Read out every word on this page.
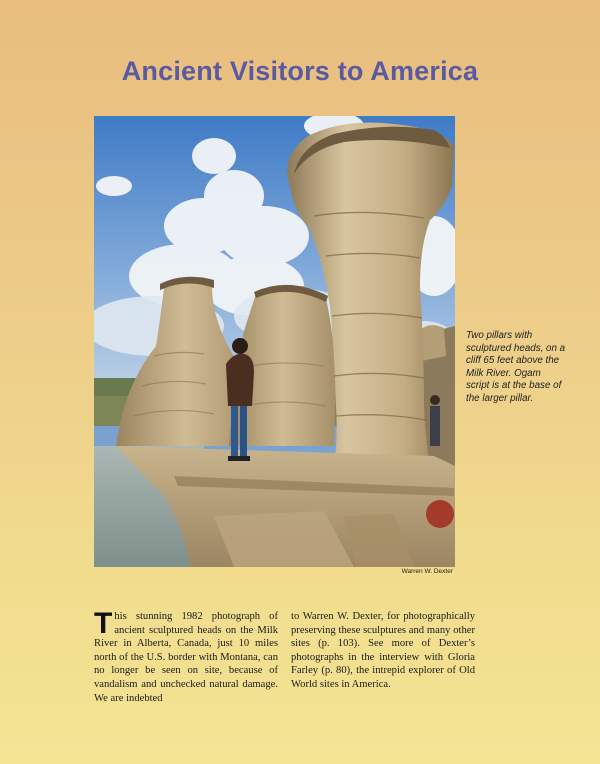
Ancient Visitors to America
Warren W. Dexter
Two pillars with sculptured heads, on a cliff 65 feet above the Milk River. Ogam script is at the base of the larger pillar.
This stunning 1982 photograph of ancient sculptured heads on the Milk River in Alberta, Canada, just 10 miles north of the U.S. border with Montana, can no longer be seen on site, because of vandalism and unchecked natural damage. We are indebted
to Warren W. Dexter, for photographically preserving these sculptures and many other sites (p. 103). See more of Dexter’s photographs in the interview with Gloria Farley (p. 80), the intrepid explorer of Old World sites in America.
